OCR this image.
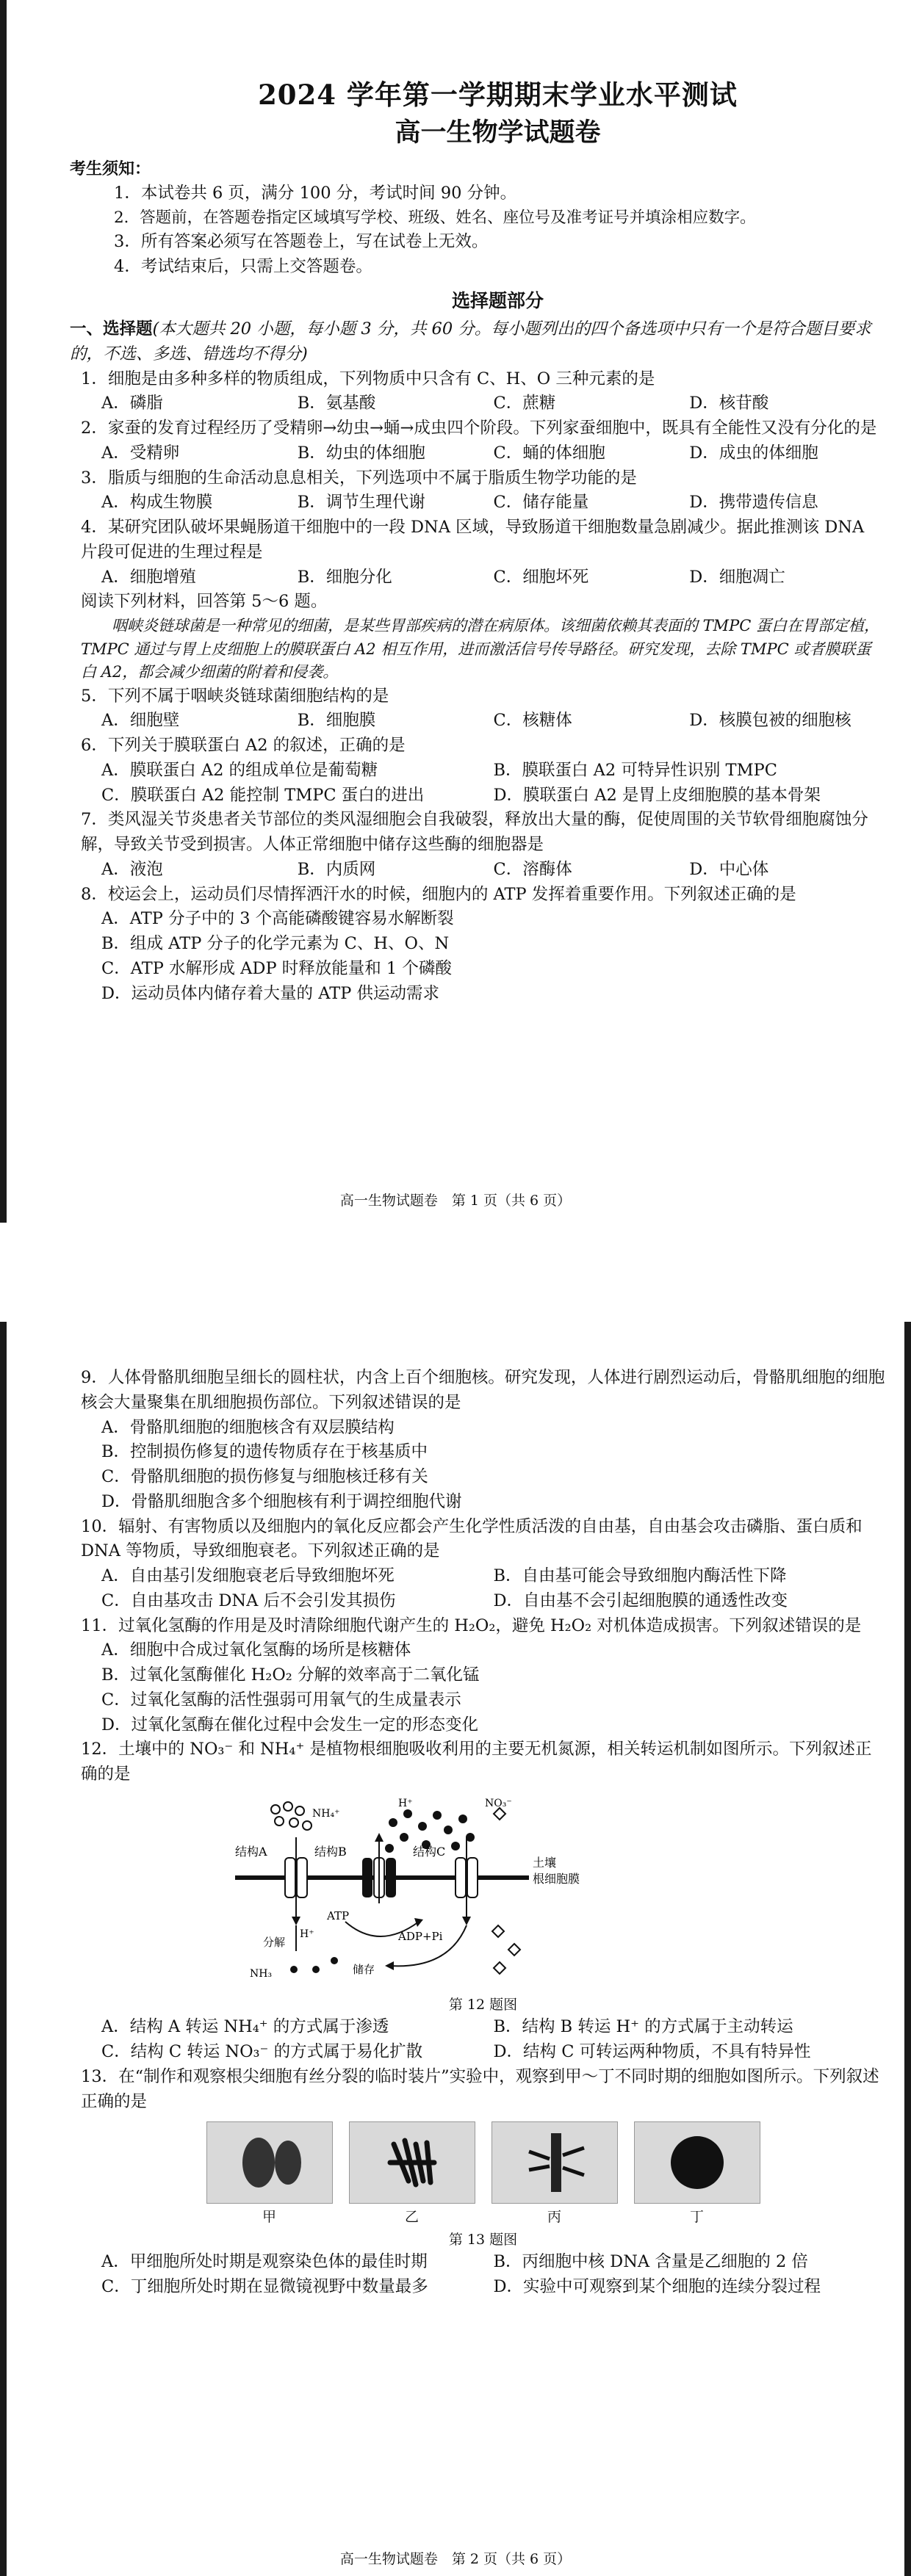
2024 学年第一学期期末学业水平测试
高一生物学试题卷
考生须知：
1．本试卷共 6 页，满分 100 分，考试时间 90 分钟。
2．答题前，在答题卷指定区域填写学校、班级、姓名、座位号及准考证号并填涂相应数字。
3．所有答案必须写在答题卷上，写在试卷上无效。
4．考试结束后，只需上交答题卷。
选择题部分
一、选择题(本大题共 20 小题，每小题 3 分，共 60 分。每小题列出的四个备选项中只有一个是符合题目要求的，不选、多选、错选均不得分)
1．细胞是由多种多样的物质组成，下列物质中只含有 C、H、O 三种元素的是
A．磷脂	B．氨基酸	C．蔗糖	D．核苷酸
2．家蚕的发育过程经历了受精卵→幼虫→蛹→成虫四个阶段。下列家蚕细胞中，既具有全能性又没有分化的是
A．受精卵	B．幼虫的体细胞	C．蛹的体细胞	D．成虫的体细胞
3．脂质与细胞的生命活动息息相关，下列选项中不属于脂质生物学功能的是
A．构成生物膜	B．调节生理代谢	C．储存能量	D．携带遗传信息
4．某研究团队破坏果蝇肠道干细胞中的一段 DNA 区域，导致肠道干细胞数量急剧减少。据此推测该 DNA 片段可促进的生理过程是
A．细胞增殖	B．细胞分化	C．细胞坏死	D．细胞凋亡
阅读下列材料，回答第 5～6 题。
咽峡炎链球菌是一种常见的细菌，是某些胃部疾病的潜在病原体。该细菌依赖其表面的 TMPC 蛋白在胃部定植，TMPC 通过与胃上皮细胞上的膜联蛋白 A2 相互作用，进而激活信号传导路径。研究发现，去除 TMPC 或者膜联蛋白 A2，都会减少细菌的附着和侵袭。
5．下列不属于咽峡炎链球菌细胞结构的是
A．细胞壁	B．细胞膜	C．核糖体	D．核膜包被的细胞核
6．下列关于膜联蛋白 A2 的叙述，正确的是
A．膜联蛋白 A2 的组成单位是葡萄糖	B．膜联蛋白 A2 可特异性识别 TMPC
C．膜联蛋白 A2 能控制 TMPC 蛋白的进出	D．膜联蛋白 A2 是胃上皮细胞膜的基本骨架
7．类风湿关节炎患者关节部位的类风湿细胞会自我破裂，释放出大量的酶，促使周围的关节软骨细胞腐蚀分解，导致关节受到损害。人体正常细胞中储存这些酶的细胞器是
A．液泡	B．内质网	C．溶酶体	D．中心体
8．校运会上，运动员们尽情挥洒汗水的时候，细胞内的 ATP 发挥着重要作用。下列叙述正确的是
A．ATP 分子中的 3 个高能磷酸键容易水解断裂
B．组成 ATP 分子的化学元素为 C、H、O、N
C．ATP 水解形成 ADP 时释放能量和 1 个磷酸
D．运动员体内储存着大量的 ATP 供运动需求
高一生物试题卷　第 1 页（共 6 页）
9．人体骨骼肌细胞呈细长的圆柱状，内含上百个细胞核。研究发现，人体进行剧烈运动后，骨骼肌细胞的细胞核会大量聚集在肌细胞损伤部位。下列叙述错误的是
A．骨骼肌细胞的细胞核含有双层膜结构
B．控制损伤修复的遗传物质存在于核基质中
C．骨骼肌细胞的损伤修复与细胞核迁移有关
D．骨骼肌细胞含多个细胞核有利于调控细胞代谢
10．辐射、有害物质以及细胞内的氧化反应都会产生化学性质活泼的自由基，自由基会攻击磷脂、蛋白质和 DNA 等物质，导致细胞衰老。下列叙述正确的是
A．自由基引发细胞衰老后导致细胞坏死	B．自由基可能会导致细胞内酶活性下降
C．自由基攻击 DNA 后不会引发其损伤	D．自由基不会引起细胞膜的通透性改变
11．过氧化氢酶的作用是及时清除细胞代谢产生的 H₂O₂，避免 H₂O₂ 对机体造成损害。下列叙述错误的是
A．细胞中合成过氧化氢酶的场所是核糖体
B．过氧化氢酶催化 H₂O₂ 分解的效率高于二氧化锰
C．过氧化氢酶的活性强弱可用氧气的生成量表示
D．过氧化氢酶在催化过程中会发生一定的形态变化
12．土壤中的 NO₃⁻ 和 NH₄⁺ 是植物根细胞吸收利用的主要无机氮源，相关转运机制如图所示。下列叙述正确的是
结构A	结构B	结构C
NH₄⁺
H⁺	NO₃⁻
土壤
根细胞膜
ATP
ADP+Pi
分解
H⁺
NH₃	储存
第 12 题图
A．结构 A 转运 NH₄⁺ 的方式属于渗透	B．结构 B 转运 H⁺ 的方式属于主动转运
C．结构 C 转运 NO₃⁻ 的方式属于易化扩散	D．结构 C 可转运两种物质，不具有特异性
13．在“制作和观察根尖细胞有丝分裂的临时装片”实验中，观察到甲～丁不同时期的细胞如图所示。下列叙述正确的是
甲	乙	丙	丁
第 13 题图
A．甲细胞所处时期是观察染色体的最佳时期	B．丙细胞中核 DNA 含量是乙细胞的 2 倍
C．丁细胞所处时期在显微镜视野中数量最多	D．实验中可观察到某个细胞的连续分裂过程
高一生物试题卷　第 2 页（共 6 页）
